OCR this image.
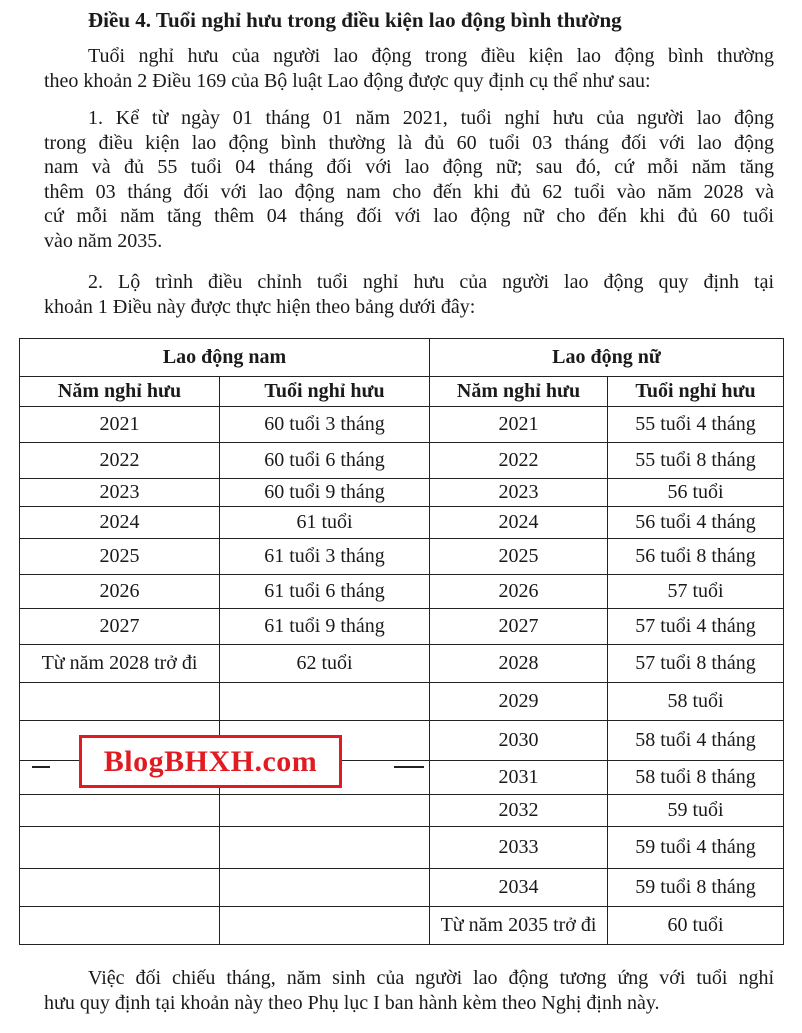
Điều 4. Tuổi nghỉ hưu trong điều kiện lao động bình thường
Tuổi nghỉ hưu của người lao động trong điều kiện lao động bình thường
theo khoản 2 Điều 169 của Bộ luật Lao động được quy định cụ thể như sau:
1. Kể từ ngày 01 tháng 01 năm 2021, tuổi nghỉ hưu của người lao động
trong điều kiện lao động bình thường là đủ 60 tuổi 03 tháng đối với lao động
nam và đủ 55 tuổi 04 tháng đối với lao động nữ; sau đó, cứ mỗi năm tăng
thêm 03 tháng đối với lao động nam cho đến khi đủ 62 tuổi vào năm 2028 và
cứ mỗi năm tăng thêm 04 tháng đối với lao động nữ cho đến khi đủ 60 tuổi
vào năm 2035.
2. Lộ trình điều chỉnh tuổi nghỉ hưu của người lao động quy định tại
khoản 1 Điều này được thực hiện theo bảng dưới đây:
Lao động nam		Lao động nữ	
Năm nghỉ hưu	Tuổi nghỉ hưu	Năm nghỉ hưu	Tuổi nghỉ hưu
2021	60 tuổi 3 tháng	2021	55 tuổi 4 tháng
2022	60 tuổi 6 tháng	2022	55 tuổi 8 tháng
2023	60 tuổi 9 tháng	2023	56 tuổi
2024	61 tuổi	2024	56 tuổi 4 tháng
2025	61 tuổi 3 tháng	2025	56 tuổi 8 tháng
2026	61 tuổi 6 tháng	2026	57 tuổi
2027	61 tuổi 9 tháng	2027	57 tuổi 4 tháng
Từ năm 2028 trở đi	62 tuổi	2028	57 tuổi 8 tháng
		2029	58 tuổi
		2030	58 tuổi 4 tháng
		2031	58 tuổi 8 tháng
		2032	59 tuổi
		2033	59 tuổi 4 tháng
		2034	59 tuổi 8 tháng
		Từ năm 2035 trở đi	60 tuổi
BlogBHXH.com
Việc đối chiếu tháng, năm sinh của người lao động tương ứng với tuổi nghỉ
hưu quy định tại khoản này theo Phụ lục I ban hành kèm theo Nghị định này.
